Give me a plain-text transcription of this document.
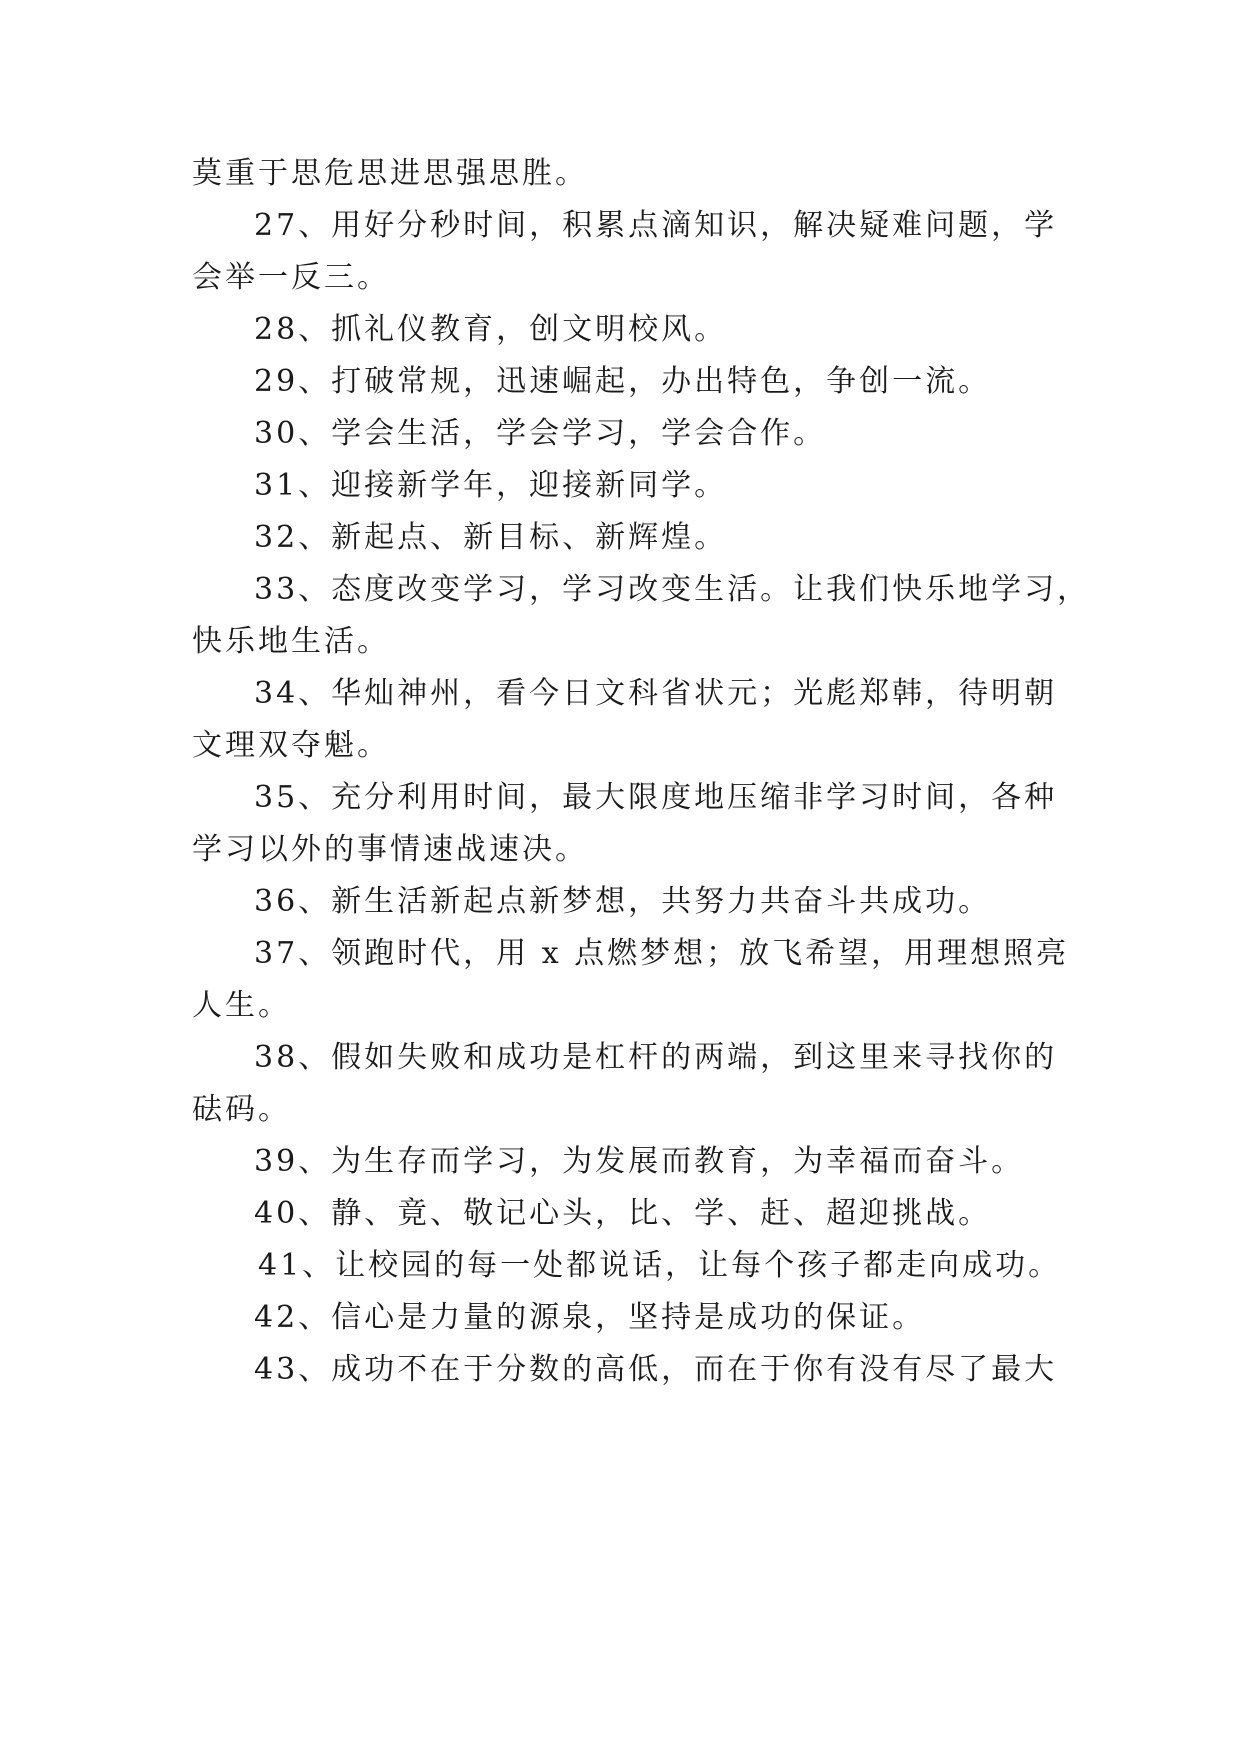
莫重于思危思进思强思胜。
27、用好分秒时间，积累点滴知识，解决疑难问题，学
会举一反三。
28、抓礼仪教育，创文明校风。
29、打破常规，迅速崛起，办出特色，争创一流。
30、学会生活，学会学习，学会合作。
31、迎接新学年，迎接新同学。
32、新起点、新目标、新辉煌。
33、态度改变学习，学习改变生活。让我们快乐地学习，
快乐地生活。
34、华灿神州，看今日文科省状元；光彪郑韩，待明朝
文理双夺魁。
35、充分利用时间，最大限度地压缩非学习时间，各种
学习以外的事情速战速决。
36、新生活新起点新梦想，共努力共奋斗共成功。
37、领跑时代，用 x 点燃梦想；放飞希望，用理想照亮
人生。
38、假如失败和成功是杠杆的两端，到这里来寻找你的
砝码。
39、为生存而学习，为发展而教育，为幸福而奋斗。
40、静、竟、敬记心头，比、学、赶、超迎挑战。
41、让校园的每一处都说话，让每个孩子都走向成功。
42、信心是力量的源泉，坚持是成功的保证。
43、成功不在于分数的高低，而在于你有没有尽了最大
